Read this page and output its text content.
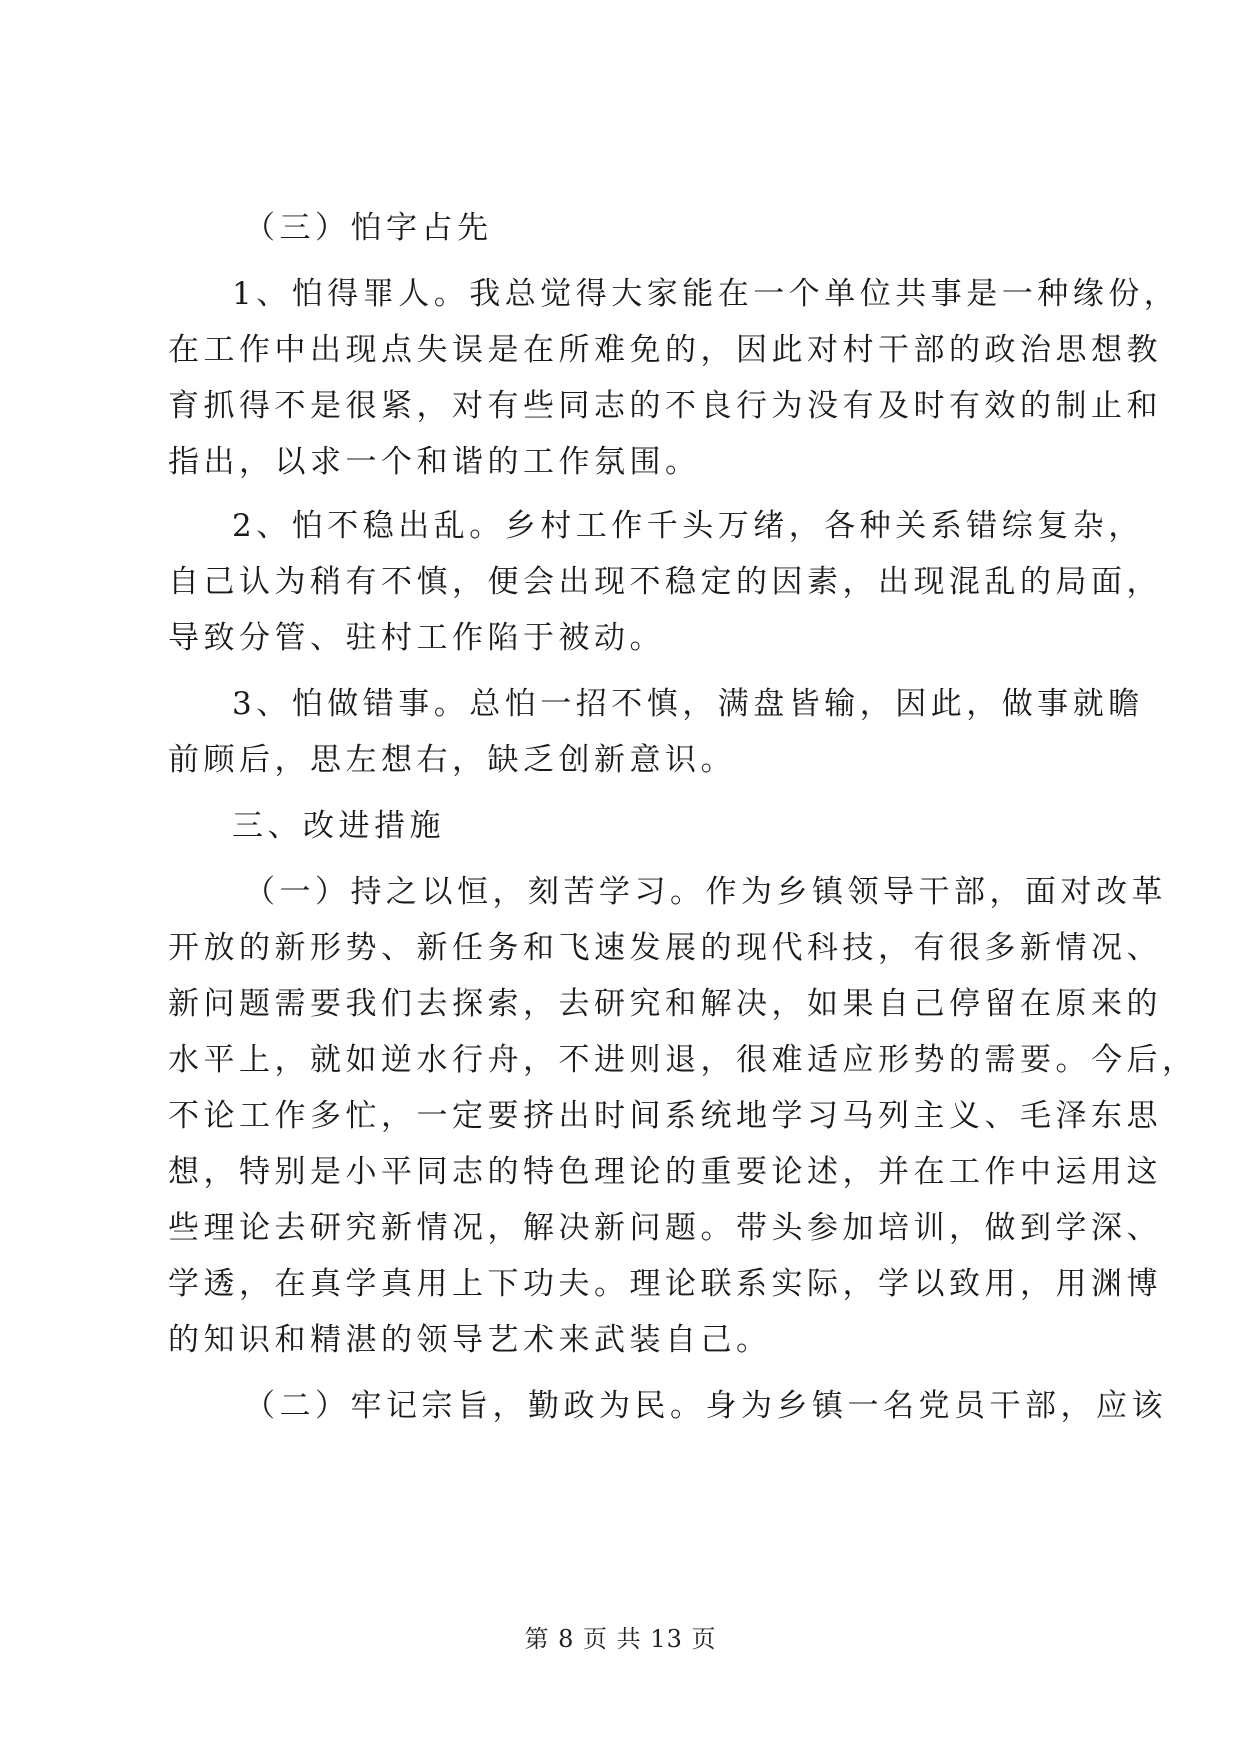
（三）怕字占先
1、怕得罪人。我总觉得大家能在一个单位共事是一种缘份，
在工作中出现点失误是在所难免的，因此对村干部的政治思想教
育抓得不是很紧，对有些同志的不良行为没有及时有效的制止和
指出，以求一个和谐的工作氛围。
2、怕不稳出乱。乡村工作千头万绪，各种关系错综复杂，
自己认为稍有不慎，便会出现不稳定的因素，出现混乱的局面，
导致分管、驻村工作陷于被动。
3、怕做错事。总怕一招不慎，满盘皆输，因此，做事就瞻
前顾后，思左想右，缺乏创新意识。
三、改进措施
（一）持之以恒，刻苦学习。作为乡镇领导干部，面对改革
开放的新形势、新任务和飞速发展的现代科技，有很多新情况、
新问题需要我们去探索，去研究和解决，如果自己停留在原来的
水平上，就如逆水行舟，不进则退，很难适应形势的需要。今后，
不论工作多忙，一定要挤出时间系统地学习马列主义、毛泽东思
想，特别是小平同志的特色理论的重要论述，并在工作中运用这
些理论去研究新情况，解决新问题。带头参加培训，做到学深、
学透，在真学真用上下功夫。理论联系实际，学以致用，用渊博
的知识和精湛的领导艺术来武装自己。
（二）牢记宗旨，勤政为民。身为乡镇一名党员干部，应该
第 8 页 共 13 页
